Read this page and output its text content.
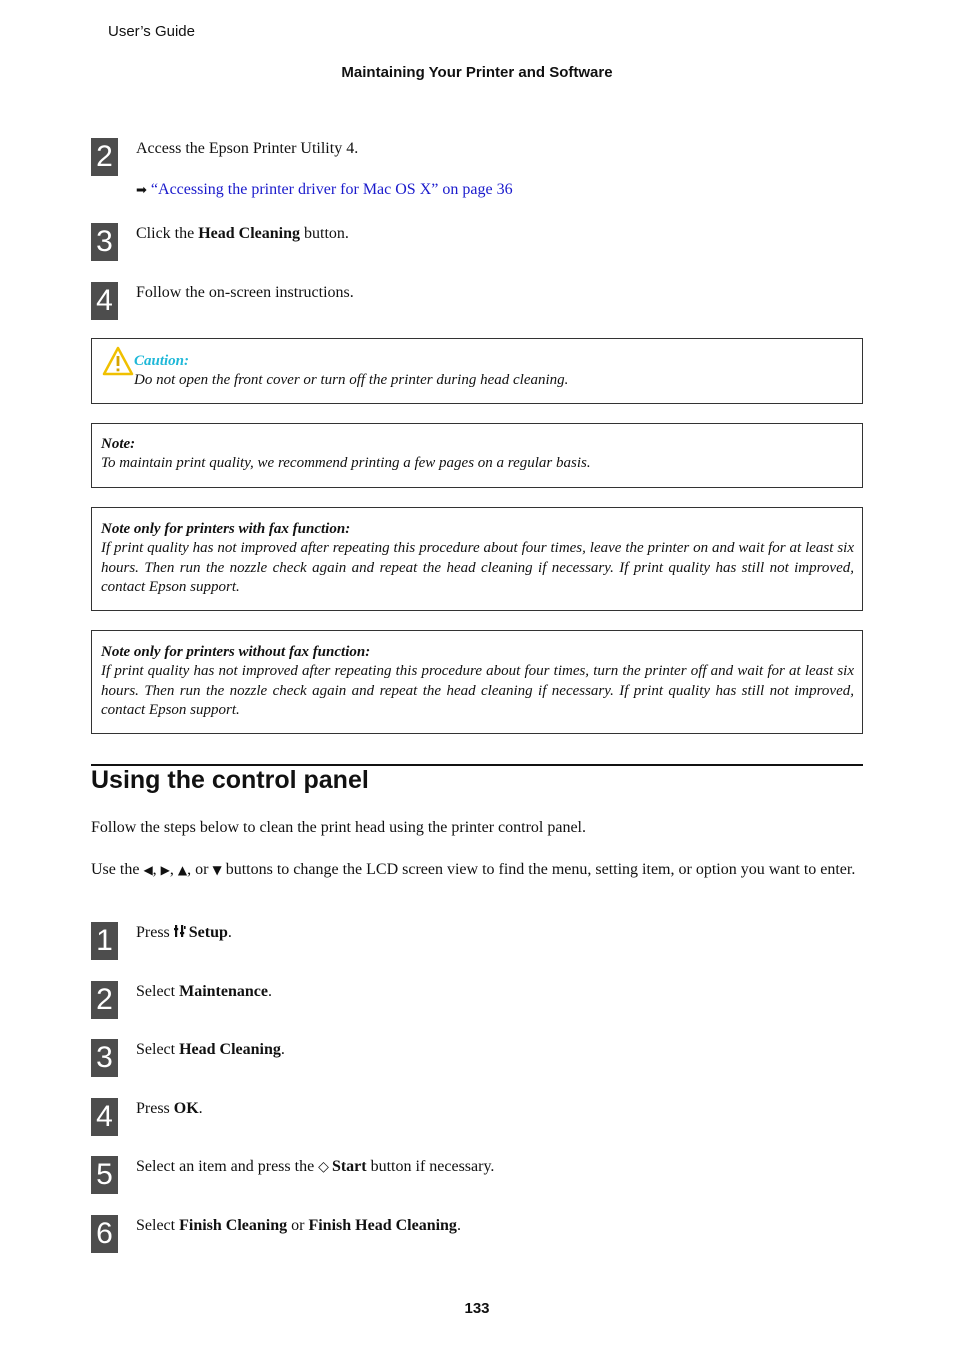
User’s Guide
Maintaining Your Printer and Software
2	Access the Epson Printer Utility 4.
➡ “Accessing the printer driver for Mac OS X” on page 36
3	Click the Head Cleaning button.
4	Follow the on-screen instructions.
Caution:
Do not open the front cover or turn off the printer during head cleaning.
Note:
To maintain print quality, we recommend printing a few pages on a regular basis.
Note only for printers with fax function:
If print quality has not improved after repeating this procedure about four times, leave the printer on and wait for at least six hours. Then run the nozzle check again and repeat the head cleaning if necessary. If print quality has still not improved, contact Epson support.
Note only for printers without fax function:
If print quality has not improved after repeating this procedure about four times, turn the printer off and wait for at least six hours. Then run the nozzle check again and repeat the head cleaning if necessary. If print quality has still not improved, contact Epson support.
Using the control panel
Follow the steps below to clean the print head using the printer control panel.
Use the ◀, ▶, ▲, or ▼ buttons to change the LCD screen view to find the menu, setting item, or option you want to enter.
1	Press Setup.
2	Select Maintenance.
3	Select Head Cleaning.
4	Press OK.
5	Select an item and press the ◇ Start button if necessary.
6	Select Finish Cleaning or Finish Head Cleaning.
133
